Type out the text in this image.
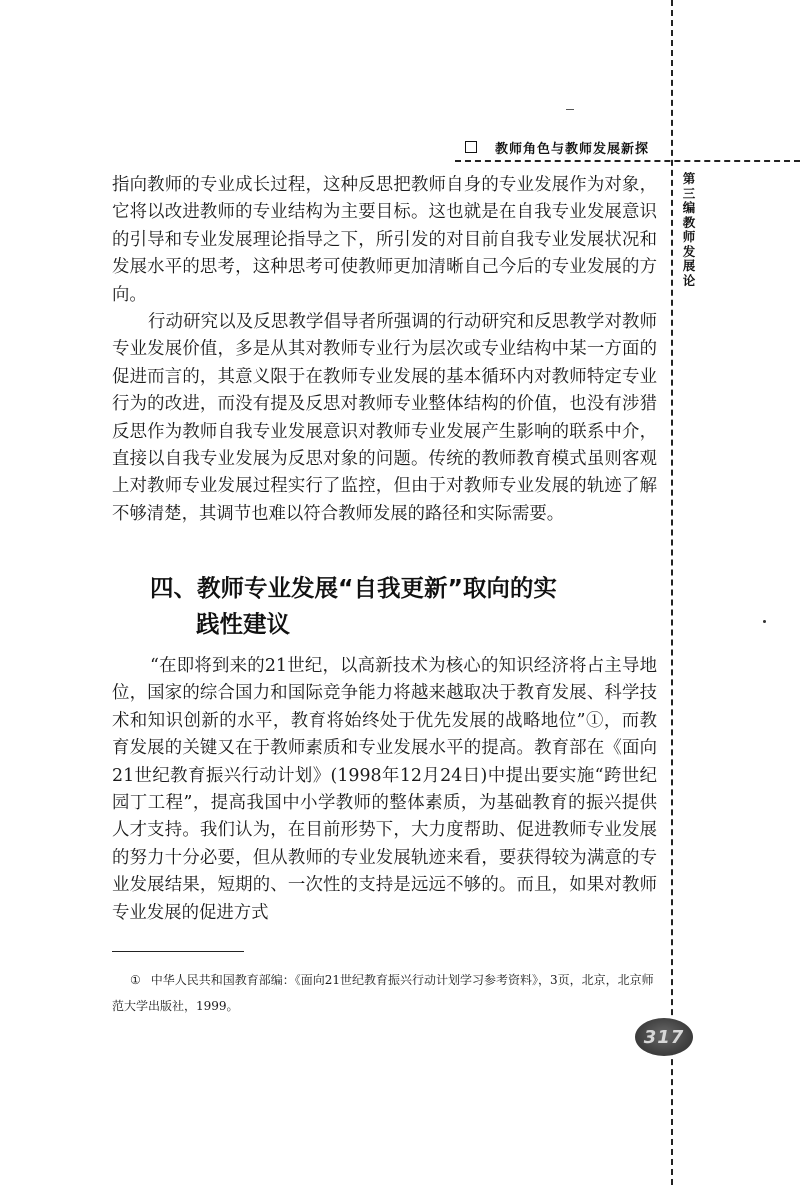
教师角色与教师发展新探
第
三
编
教
师
发
展
论

指向教师的专业成长过程，这种反思把教师自身的专业发展作为对象，它将以改进教师的专业结构为主要目标。这也就是在自我专业发展意识的引导和专业发展理论指导之下，所引发的对目前自我专业发展状况和发展水平的思考，这种思考可使教师更加清晰自己今后的专业发展的方向。

行动研究以及反思教学倡导者所强调的行动研究和反思教学对教师专业发展价值，多是从其对教师专业行为层次或专业结构中某一方面的促进而言的，其意义限于在教师专业发展的基本循环内对教师特定专业行为的改进，而没有提及反思对教师专业整体结构的价值，也没有涉猎反思作为教师自我专业发展意识对教师专业发展产生影响的联系中介，直接以自我专业发展为反思对象的问题。传统的教师教育模式虽则客观上对教师专业发展过程实行了监控，但由于对教师专业发展的轨迹了解不够清楚，其调节也难以符合教师发展的路径和实际需要。

四、教师专业发展“自我更新”取向的实
践性建议

“在即将到来的21世纪，以高新技术为核心的知识经济将占主导地位，国家的综合国力和国际竞争能力将越来越取决于教育发展、科学技术和知识创新的水平，教育将始终处于优先发展的战略地位”①，而教育发展的关键又在于教师素质和专业发展水平的提高。教育部在《面向21世纪教育振兴行动计划》(1998年12月24日)中提出要实施“跨世纪园丁工程”，提高我国中小学教师的整体素质，为基础教育的振兴提供人才支持。我们认为，在目前形势下，大力度帮助、促进教师专业发展的努力十分必要，但从教师的专业发展轨迹来看，要获得较为满意的专业发展结果，短期的、一次性的支持是远远不够的。而且，如果对教师专业发展的促进方式

① 中华人民共和国教育部编：《面向21世纪教育振兴行动计划学习参考资料》，3页，北京，北京师范大学出版社，1999。
317
